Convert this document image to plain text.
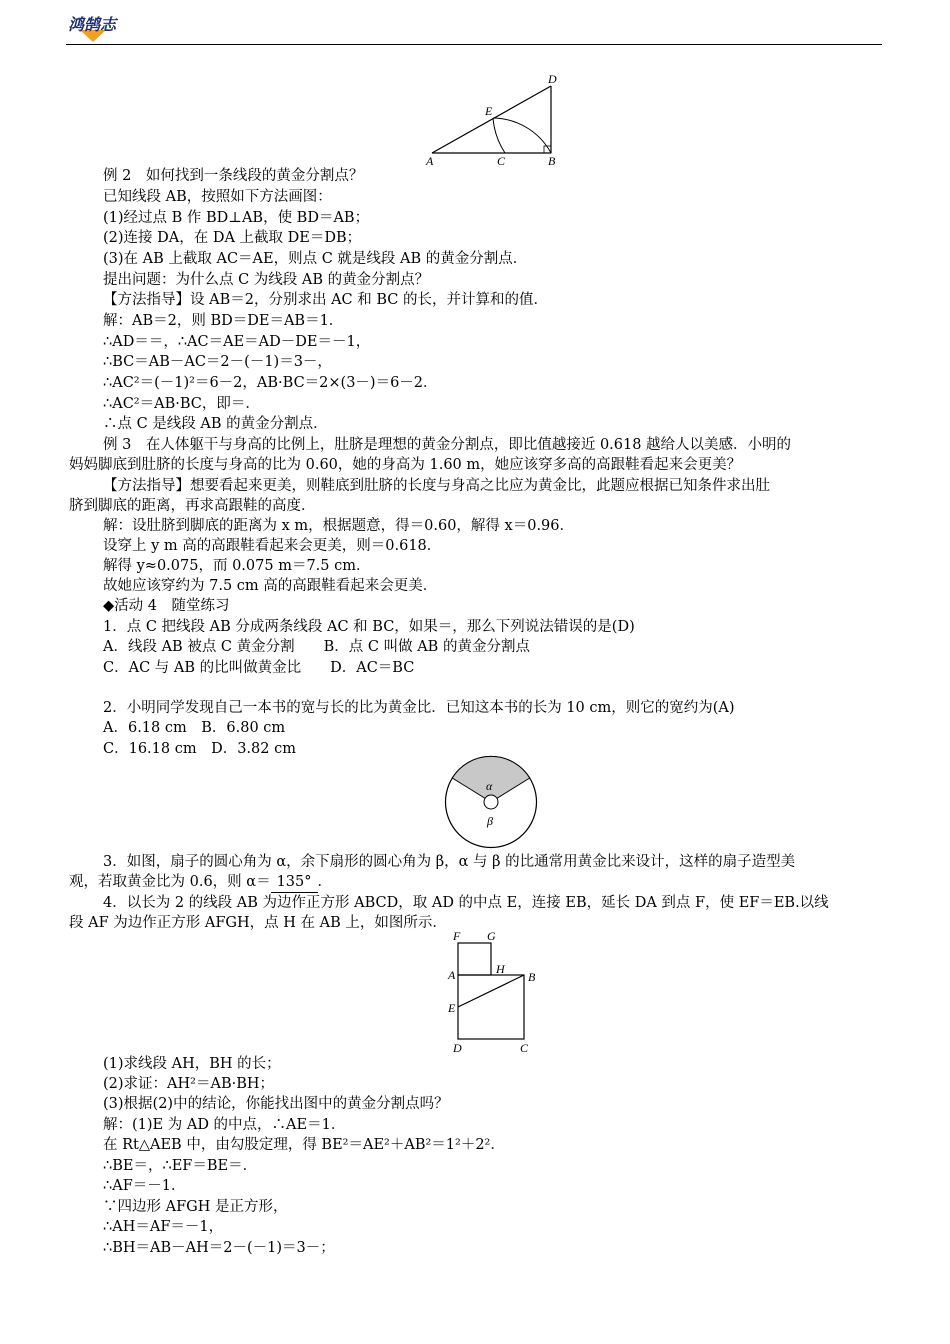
鸿鹄志
A	C	B
D
E
例 2　如何找到一条线段的黄金分割点？
已知线段 AB，按照如下方法画图：
(1)经过点 B 作 BD⊥AB，使 BD＝AB；
(2)连接 DA，在 DA 上截取 DE＝DB；
(3)在 AB 上截取 AC＝AE，则点 C 就是线段 AB 的黄金分割点．
提出问题：为什么点 C 为线段 AB 的黄金分割点？
【方法指导】设 AB＝2，分别求出 AC 和 BC 的长，并计算和的值．
解：AB＝2，则 BD＝DE＝AB＝1．
∴AD＝＝，∴AC＝AE＝AD－DE＝－1，
∴BC＝AB－AC＝2－(－1)＝3－，
∴AC²＝(－1)²＝6－2，AB·BC＝2×(3－)＝6－2．
∴AC²＝AB·BC，即＝．
∴点 C 是线段 AB 的黄金分割点．
例 3　在人体躯干与身高的比例上，肚脐是理想的黄金分割点，即比值越接近 0.618 越给人以美感．小明的
妈妈脚底到肚脐的长度与身高的比为 0.60，她的身高为 1.60 m，她应该穿多高的高跟鞋看起来会更美？
【方法指导】想要看起来更美，则鞋底到肚脐的长度与身高之比应为黄金比，此题应根据已知条件求出肚
脐到脚底的距离，再求高跟鞋的高度．
解：设肚脐到脚底的距离为 x m，根据题意，得＝0.60，解得 x＝0.96．
设穿上 y m 高的高跟鞋看起来会更美，则＝0.618．
解得 y≈0.075，而 0.075 m＝7.5 cm．
故她应该穿约为 7.5 cm 高的高跟鞋看起来会更美．
◆活动 4　随堂练习
1．点 C 把线段 AB 分成两条线段 AC 和 BC，如果＝，那么下列说法错误的是(D)
A．线段 AB 被点 C 黄金分割　　B．点 C 叫做 AB 的黄金分割点
C．AC 与 AB 的比叫做黄金比　　D．AC＝BC
2．小明同学发现自己一本书的宽与长的比为黄金比．已知这本书的长为 10 cm，则它的宽约为(A)
A．6.18 cm　B．6.80 cm
C．16.18 cm　D．3.82 cm
α
β
3．如图，扇子的圆心角为 α，余下扇形的圆心角为 β，α 与 β 的比通常用黄金比来设计，这样的扇子造型美
观，若取黄金比为 0.6，则 α＝ 135° ．
4．以长为 2 的线段 AB 为边作正方形 ABCD，取 AD 的中点 E，连接 EB，延长 DA 到点 F，使 EF＝EB.以线
段 AF 为边作正方形 AFGH，点 H 在 AB 上，如图所示．
F G
A	H
B
E
D	C
(1)求线段 AH，BH 的长；
(2)求证：AH²＝AB·BH；
(3)根据(2)中的结论，你能找出图中的黄金分割点吗？
解：(1)E 为 AD 的中点，∴AE＝1．
在 Rt△AEB 中，由勾股定理，得 BE²＝AE²＋AB²＝1²＋2²．
∴BE＝，∴EF＝BE＝．
∴AF＝－1．
∵四边形 AFGH 是正方形，
∴AH＝AF＝－1，
∴BH＝AB－AH＝2－(－1)＝3－；
